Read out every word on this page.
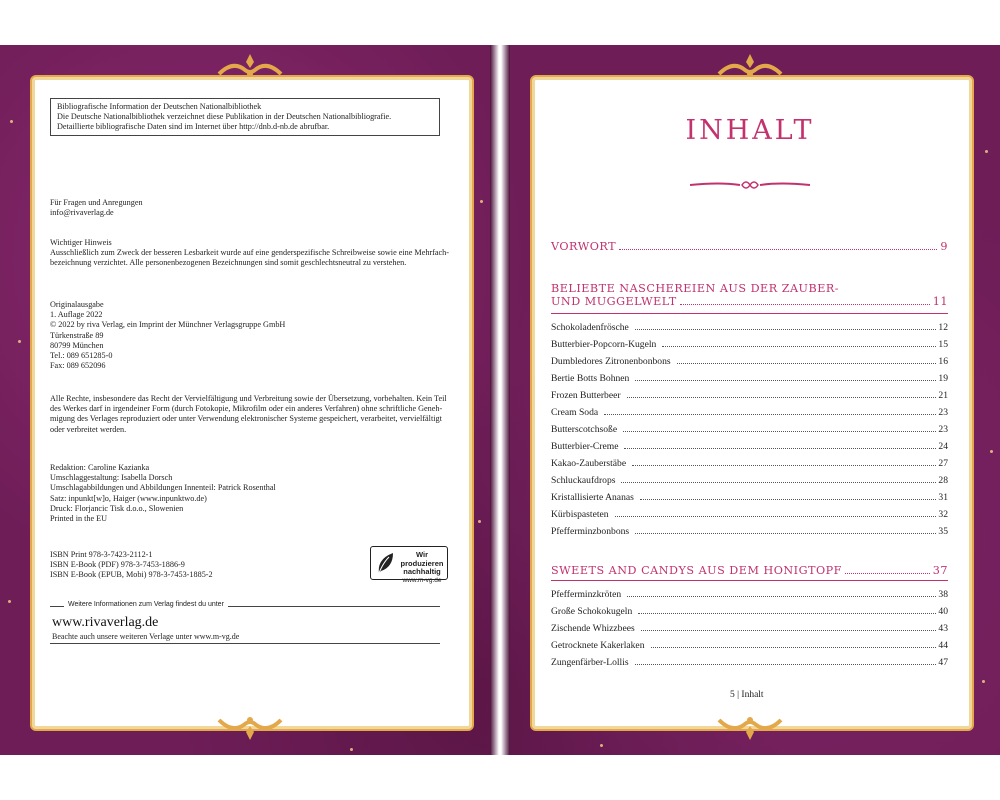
Bibliografische Information der Deutschen Nationalbibliothek

Die Deutsche Nationalbibliothek verzeichnet diese Publikation in der Deutschen Nationalbibliografie.

Detaillierte bibliografische Daten sind im Internet über http://dnb.d-nb.de abrufbar.

Für Fragen und Anregungen

info@rivaverlag.de

Wichtiger Hinweis

Ausschließlich zum Zweck der besseren Lesbarkeit wurde auf eine genderspezifische Schreibweise sowie eine Mehrfach-

bezeichnung verzichtet. Alle personenbezogenen Bezeichnungen sind somit geschlechtsneutral zu verstehen.

Originalausgabe

1. Auflage 2022

© 2022 by riva Verlag, ein Imprint der Münchner Verlagsgruppe GmbH

Türkenstraße 89

80799 München

Tel.: 089 651285-0

Fax: 089 652096

Alle Rechte, insbesondere das Recht der Vervielfältigung und Verbreitung sowie der Übersetzung, vorbehalten. Kein Teil

des Werkes darf in irgendeiner Form (durch Fotokopie, Mikrofilm oder ein anderes Verfahren) ohne schriftliche Geneh-

migung des Verlages reproduziert oder unter Verwendung elektronischer Systeme gespeichert, verarbeitet, vervielfältigt

oder verbreitet werden.

Redaktion: Caroline Kazianka

Umschlaggestaltung: Isabella Dorsch

Umschlagabbildungen und Abbildungen Innenteil: Patrick Rosenthal

Satz: inpunkt[w]o, Haiger (www.inpunktwo.de)

Druck: Florjancic Tisk d.o.o., Slowenien

Printed in the EU

ISBN Print 978-3-7423-2112-1

ISBN E-Book (PDF) 978-3-7453-1886-9

ISBN E-Book (EPUB, Mobi) 978-3-7453-1885-2

Wir produzieren
nachhaltig
www.m-vg.de
Weitere Informationen zum Verlag findest du unter
www.rivaverlag.de
Beachte auch unsere weiteren Verlage unter www.m-vg.de
INHALT
VORWORT	9
BELIEBTE NASCHEREIEN AUS DER ZAUBER-
UND MUGGELWELT	11
Schokoladenfrösche	12
Butterbier-Popcorn-Kugeln	15
Dumbledores Zitronenbonbons	16
Bertie Botts Bohnen	19
Frozen Butterbeer	21
Cream Soda	23
Butterscotchsoße	23
Butterbier-Creme	24
Kakao-Zauberstäbe	27
Schluckaufdrops	28
Kristallisierte Ananas	31
Kürbispasteten	32
Pfefferminzbonbons	35
SWEETS AND CANDYS AUS DEM HONIGTOPF	37
Pfefferminzkröten	38
Große Schokokugeln	40
Zischende Whizzbees	43
Getrocknete Kakerlaken	44
Zungenfärber-Lollis	47
5 | Inhalt
